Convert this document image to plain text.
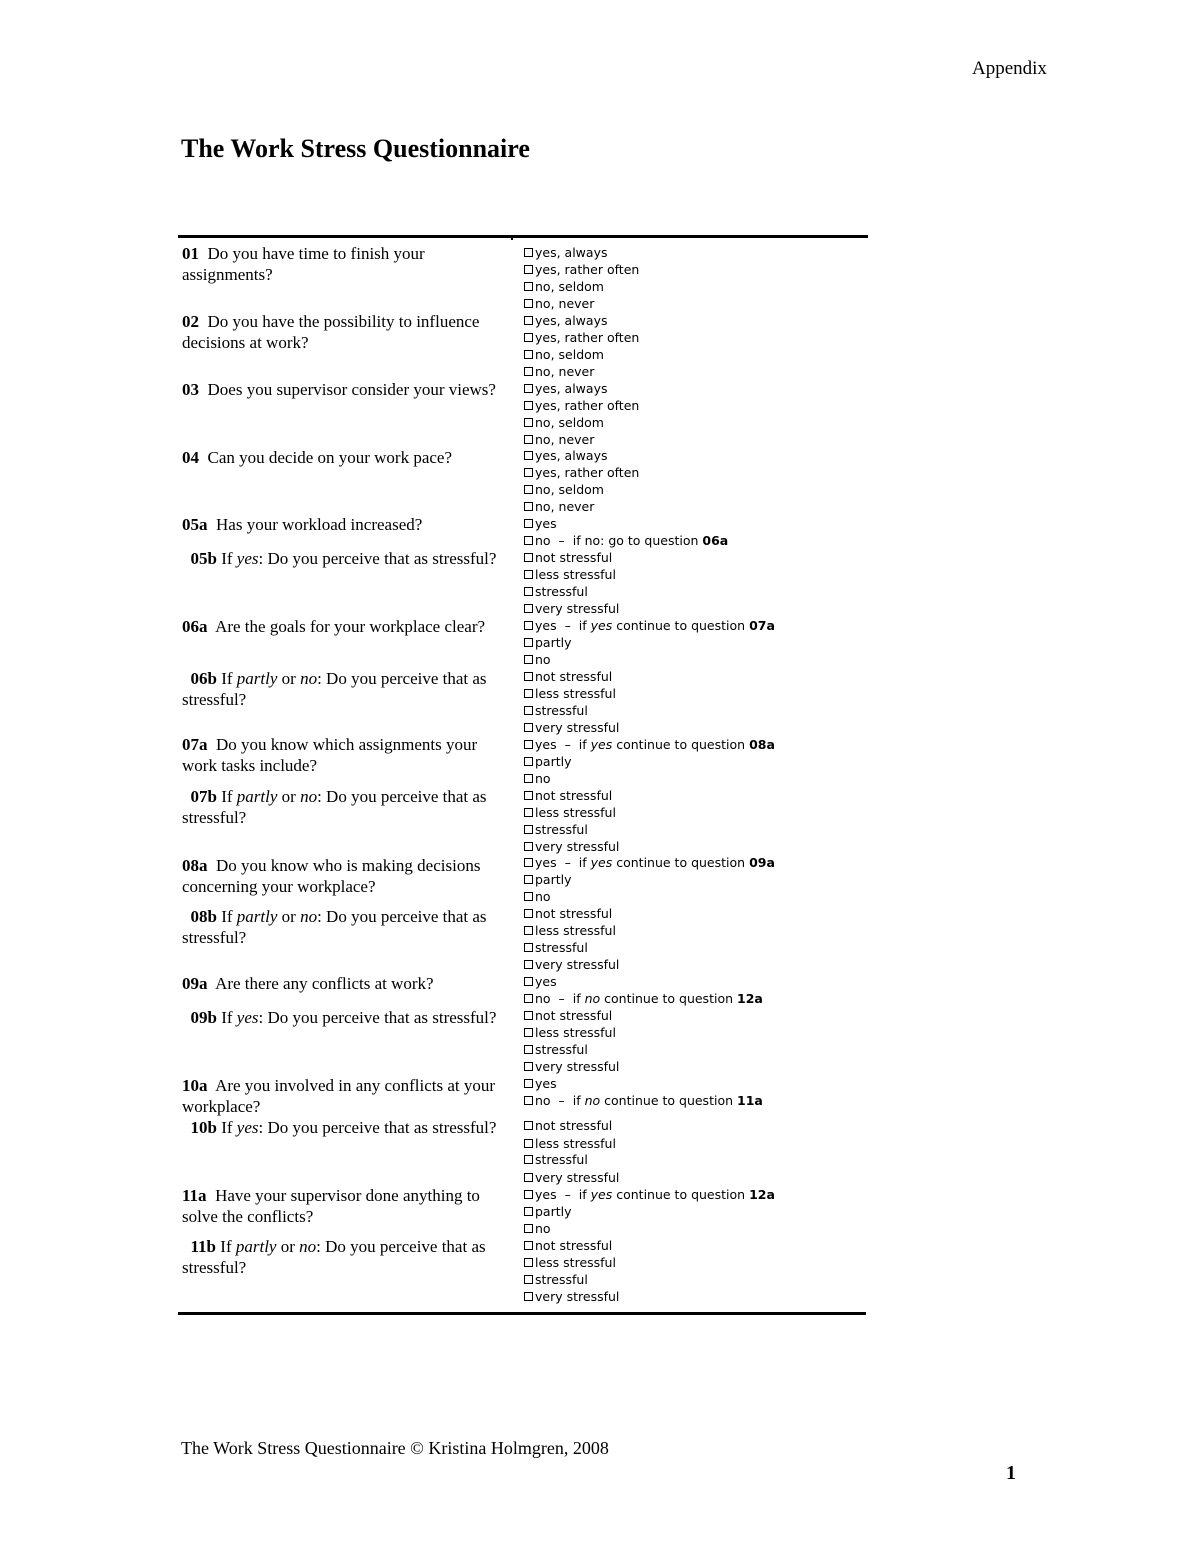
Appendix
The Work Stress Questionnaire
01 Do you have time to finish your assignments?
02 Do you have the possibility to influence decisions at work?
03 Does you supervisor consider your views?
04 Can you decide on your work pace?
05a Has your workload increased?
05b If yes: Do you perceive that as stressful?
06a Are the goals for your workplace clear?
06b If partly or no: Do you perceive that as stressful?
07a Do you know which assignments your work tasks include?
07b If partly or no: Do you perceive that as stressful?
08a Do you know who is making decisions concerning your workplace?
08b If partly or no: Do you perceive that as stressful?
09a Are there any conflicts at work?
09b If yes: Do you perceive that as stressful?
10a Are you involved in any conflicts at your workplace?
10b If yes: Do you perceive that as stressful?
11a Have your supervisor done anything to solve the conflicts?
11b If partly or no: Do you perceive that as stressful?
yes, always
yes, rather often
no, seldom
no, never
yes, always
yes, rather often
no, seldom
no, never
yes, always
yes, rather often
no, seldom
no, never
yes, always
yes, rather often
no, seldom
no, never
yes
no – if no: go to question 06a
not stressful
less stressful
stressful
very stressful
yes – if yes continue to question 07a
partly
no
not stressful
less stressful
stressful
very stressful
yes – if yes continue to question 08a
partly
no
not stressful
less stressful
stressful
very stressful
yes – if yes continue to question 09a
partly
no
not stressful
less stressful
stressful
very stressful
yes
no – if no continue to question 12a
not stressful
less stressful
stressful
very stressful
yes
no – if no continue to question 11a
not stressful
less stressful
stressful
very stressful
yes – if yes continue to question 12a
partly
no
not stressful
less stressful
stressful
very stressful
The Work Stress Questionnaire © Kristina Holmgren, 2008
1
